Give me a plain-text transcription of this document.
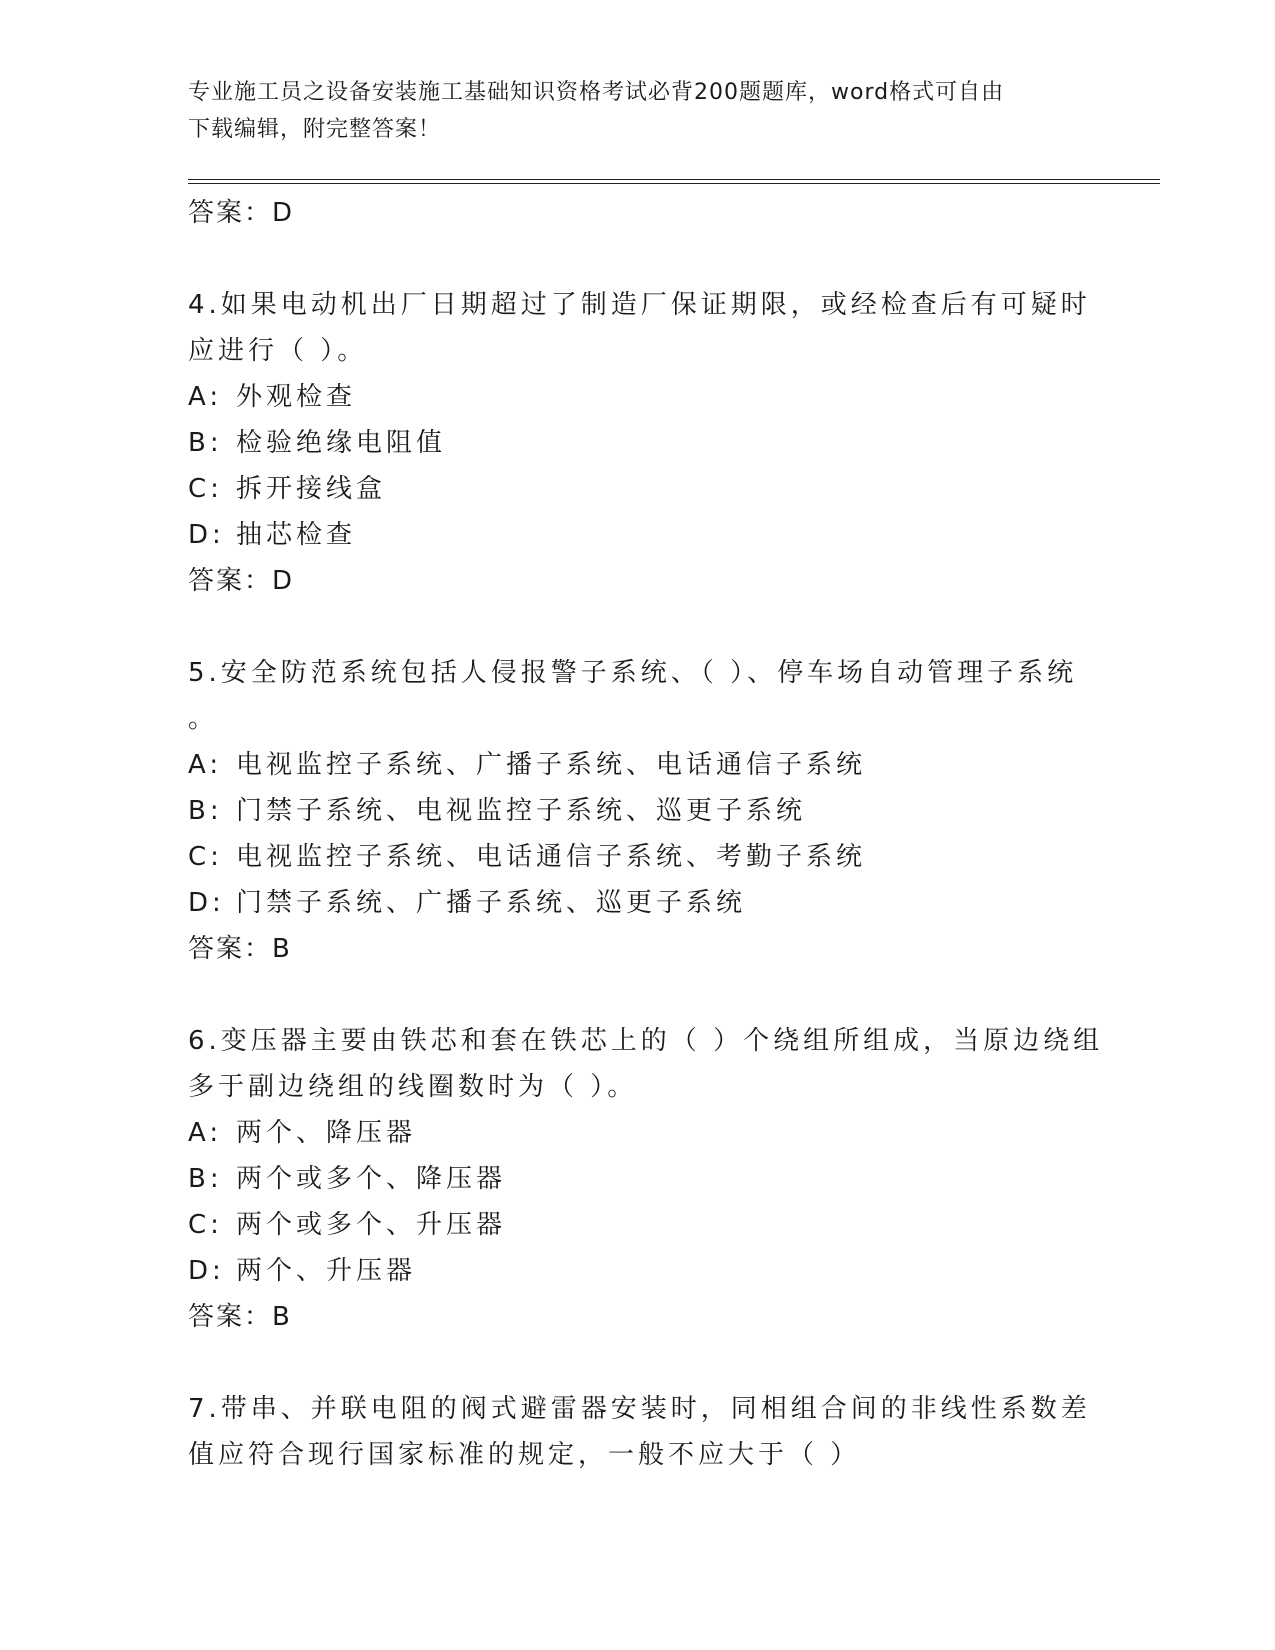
专业施工员之设备安装施工基础知识资格考试必背200题题库，word格式可自由
下载编辑，附完整答案！
答案：D
4.如果电动机出厂日期超过了制造厂保证期限，或经检查后有可疑时
应进行（ ）。
A: 外观检查
B: 检验绝缘电阻值
C: 拆开接线盒
D: 抽芯检查
答案：D
5.安全防范系统包括人侵报警子系统、（ ）、停车场自动管理子系统
。
A: 电视监控子系统、广播子系统、电话通信子系统
B: 门禁子系统、电视监控子系统、巡更子系统
C: 电视监控子系统、电话通信子系统、考勤子系统
D: 门禁子系统、广播子系统、巡更子系统
答案：B
6.变压器主要由铁芯和套在铁芯上的（ ）个绕组所组成，当原边绕组
多于副边绕组的线圈数时为（ ）。
A: 两个、降压器
B: 两个或多个、降压器
C: 两个或多个、升压器
D: 两个、升压器
答案：B
7.带串、并联电阻的阀式避雷器安装时，同相组合间的非线性系数差
值应符合现行国家标准的规定，一般不应大于（ ）
